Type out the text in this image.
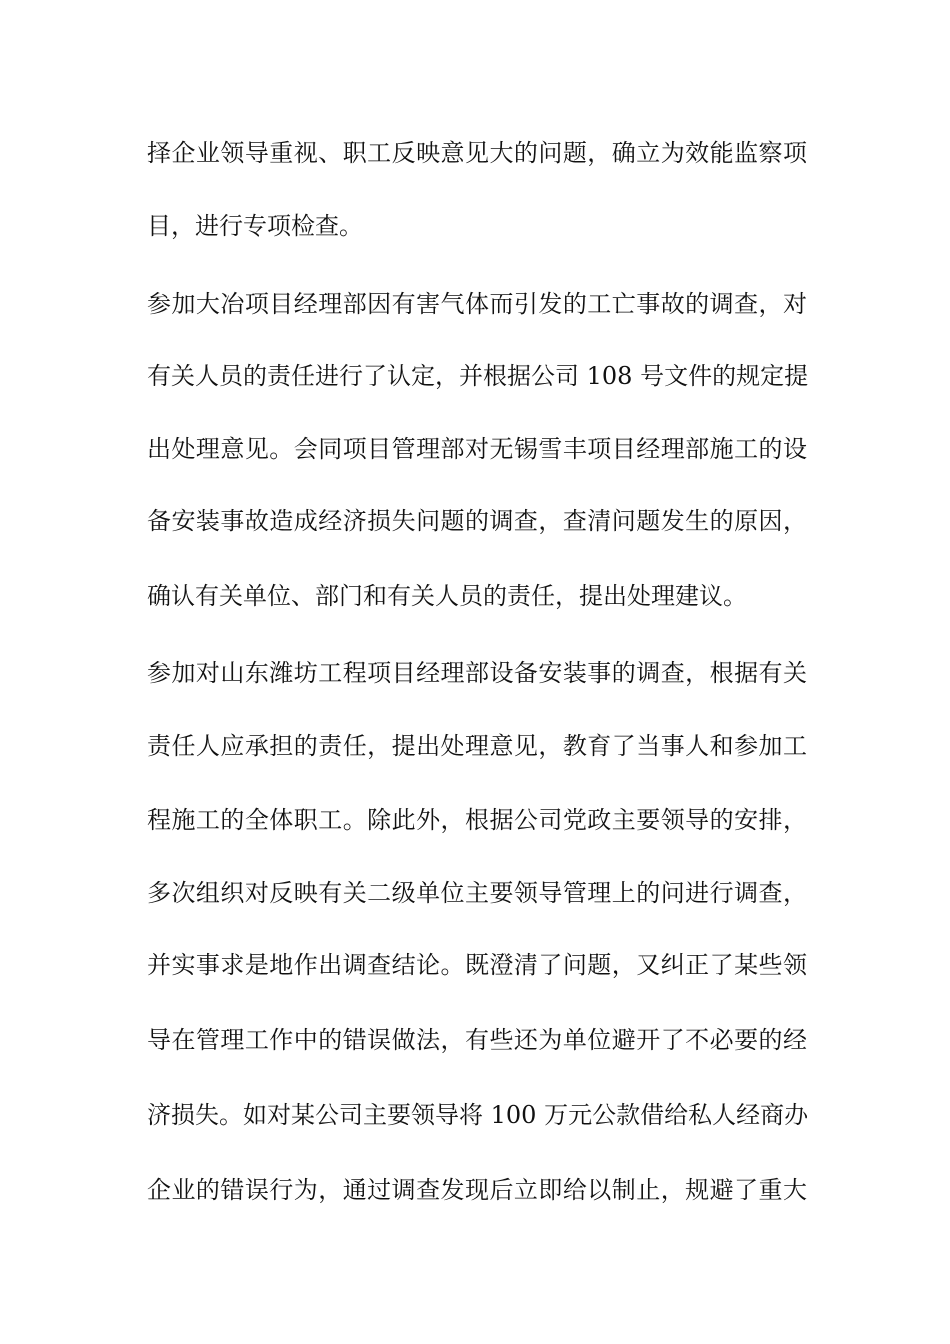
择企业领导重视、职工反映意见大的问题，确立为效能监察项
目，进行专项检查。
参加大冶项目经理部因有害气体而引发的工亡事故的调查，对
有关人员的责任进行了认定，并根据公司 108 号文件的规定提
出处理意见。会同项目管理部对无锡雪丰项目经理部施工的设
备安装事故造成经济损失问题的调查，查清问题发生的原因，
确认有关单位、部门和有关人员的责任，提出处理建议。
参加对山东潍坊工程项目经理部设备安装事的调查，根据有关
责任人应承担的责任，提出处理意见，教育了当事人和参加工
程施工的全体职工。除此外，根据公司党政主要领导的安排，
多次组织对反映有关二级单位主要领导管理上的问进行调查，
并实事求是地作出调查结论。既澄清了问题，又纠正了某些领
导在管理工作中的错误做法，有些还为单位避开了不必要的经
济损失。如对某公司主要领导将 100 万元公款借给私人经商办
企业的错误行为，通过调查发现后立即给以制止，规避了重大
